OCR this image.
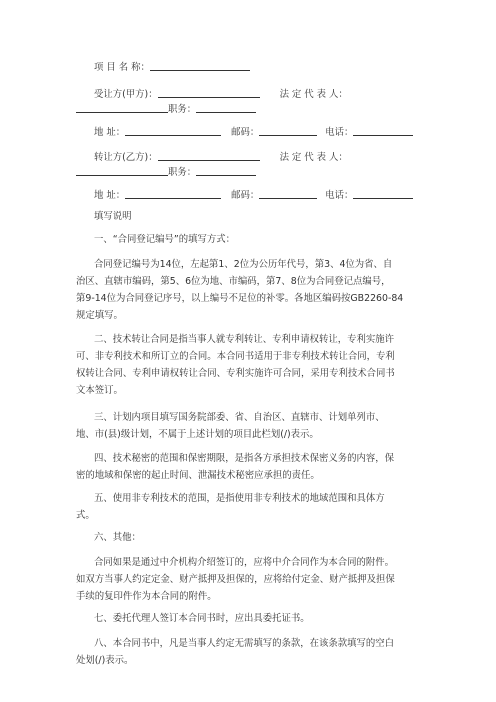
项 目 名 称：
受让方(甲方)：	法 定 代 表 人：
职务：
地 址：	邮码：	电话：
转让方(乙方)：	法 定 代 表 人：
职务：
地 址：	邮码：	电话：
填写说明
一、“合同登记编号”的填写方式：
合同登记编号为14位，左起第1、2位为公历年代号，第3、4位为省、自
治区、直辖市编码，第5、6位为地、市编码，第7、8位为合同登记点编号，
第9-14位为合同登记序号，以上编号不足位的补零。各地区编码按GB2260-84
规定填写。
二、技术转让合同是指当事人就专利转让、专利申请权转让，专利实施许
可、非专利技术和所订立的合同。本合同书适用于非专利技术转让合同，专利
权转让合同、专利申请权转让合同、专利实施许可合同，采用专利技术合同书
文本签订。
三、计划内项目填写国务院部委、省、自治区、直辖市、计划单列市、
地、市(县)级计划，不属于上述计划的项目此栏划(/)表示。
四、技术秘密的范围和保密期限，是指各方承担技术保密义务的内容，保
密的地域和保密的起止时间、泄漏技术秘密应承担的责任。
五、使用非专利技术的范围，是指使用非专利技术的地域范围和具体方
式。
六、其他：
合同如果是通过中介机构介绍签订的，应将中介合同作为本合同的附件。
如双方当事人约定定金、财产抵押及担保的，应将给付定金、财产抵押及担保
手续的复印件作为本合同的附件。
七、委托代理人签订本合同书时，应出具委托证书。
八、本合同书中，凡是当事人约定无需填写的条款，在该条款填写的空白
处划(/)表示。
